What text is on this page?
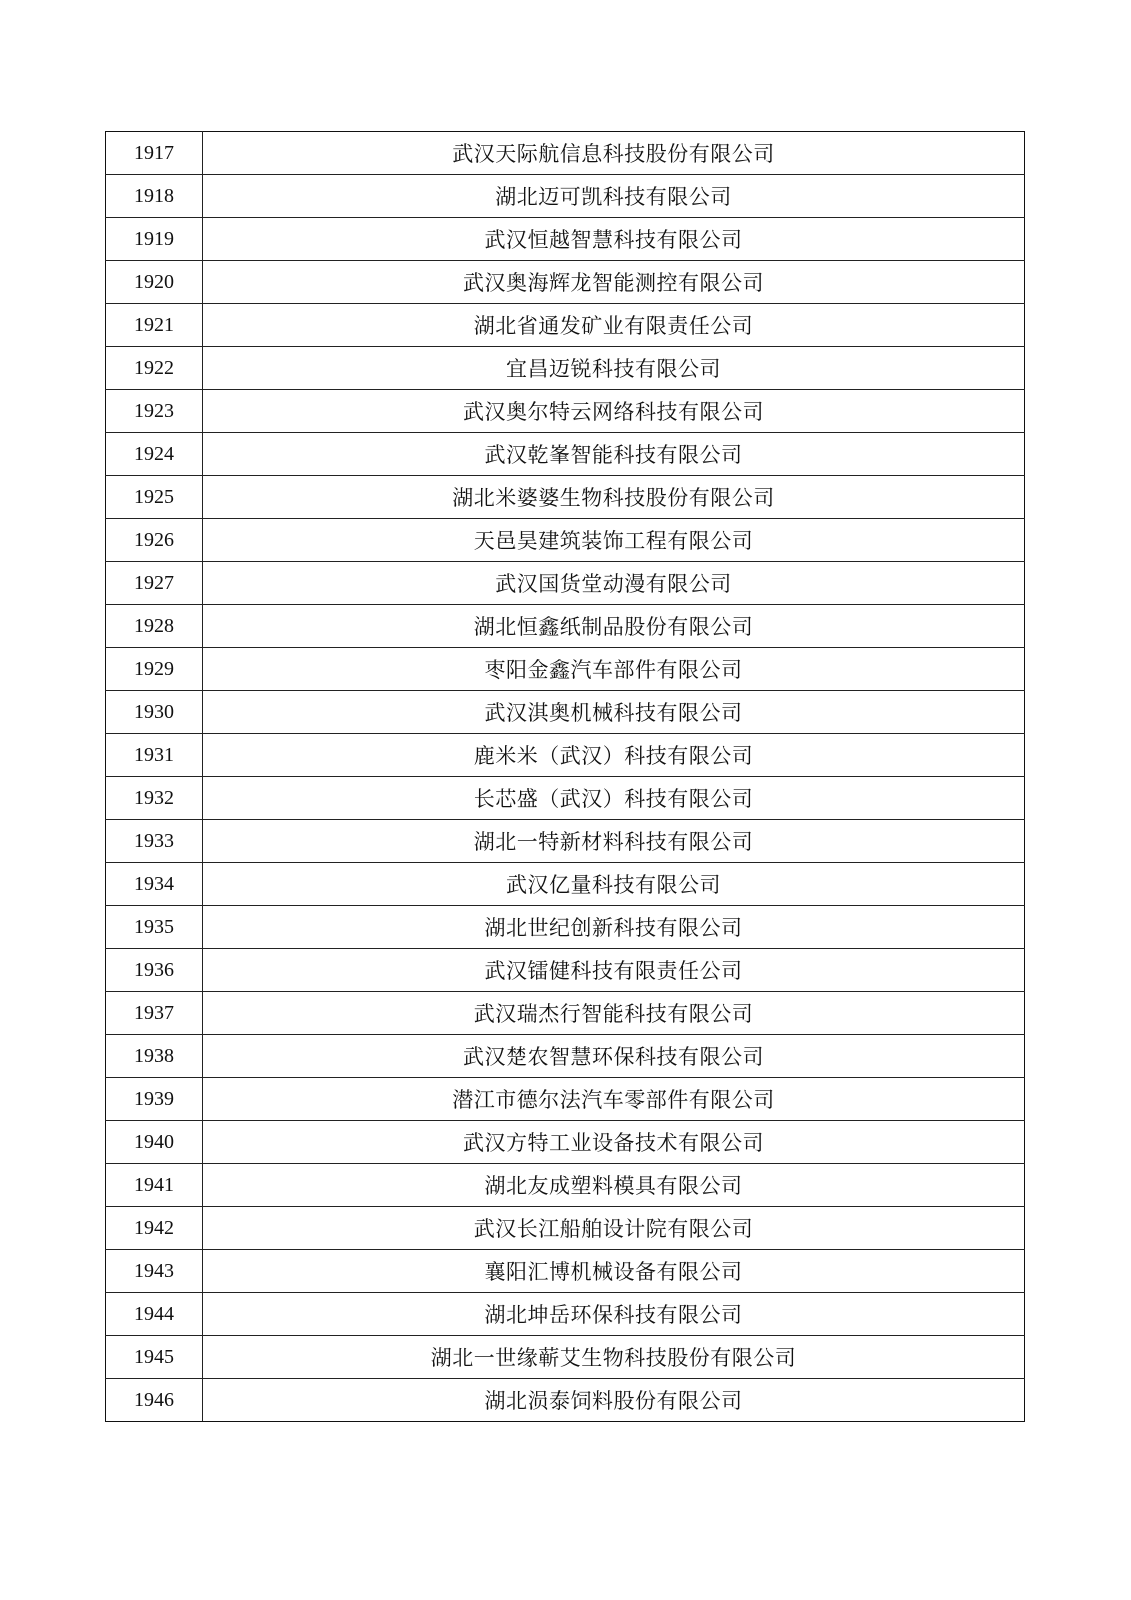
1917	武汉天际航信息科技股份有限公司
1918	湖北迈可凯科技有限公司
1919	武汉恒越智慧科技有限公司
1920	武汉奥海辉龙智能测控有限公司
1921	湖北省通发矿业有限责任公司
1922	宜昌迈锐科技有限公司
1923	武汉奥尔特云网络科技有限公司
1924	武汉乾峯智能科技有限公司
1925	湖北米婆婆生物科技股份有限公司
1926	天邑昊建筑装饰工程有限公司
1927	武汉国货堂动漫有限公司
1928	湖北恒鑫纸制品股份有限公司
1929	枣阳金鑫汽车部件有限公司
1930	武汉淇奥机械科技有限公司
1931	鹿米米（武汉）科技有限公司
1932	长芯盛（武汉）科技有限公司
1933	湖北一特新材料科技有限公司
1934	武汉亿量科技有限公司
1935	湖北世纪创新科技有限公司
1936	武汉镭健科技有限责任公司
1937	武汉瑞杰行智能科技有限公司
1938	武汉楚农智慧环保科技有限公司
1939	潜江市德尔法汽车零部件有限公司
1940	武汉方特工业设备技术有限公司
1941	湖北友成塑料模具有限公司
1942	武汉长江船舶设计院有限公司
1943	襄阳汇博机械设备有限公司
1944	湖北坤岳环保科技有限公司
1945	湖北一世缘蕲艾生物科技股份有限公司
1946	湖北涢泰饲料股份有限公司
